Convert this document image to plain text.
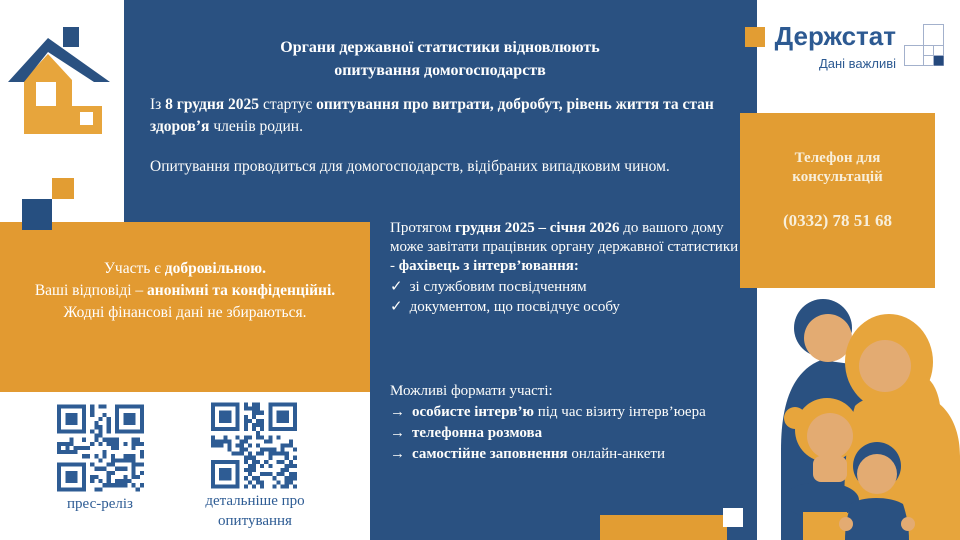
Участь є добровільною.
Ваші відповіді – анонімні та конфіденційні.
Жодні фінансові дані не збираються.
Органи державної статистики відновлюють
опитування домогосподарств
Із 8 грудня 2025 стартує опитування про витрати, добробут, рівень життя та стан здоров’я членів родин.
Опитування проводиться для домогосподарств, відібраних випадковим чином.
Протягом грудня 2025 – січня 2026 до вашого дому може завітати працівник органу державної статистики - фахівець з інтерв’ювання:
✓ зі службовим посвідченням
✓ документом, що посвідчує особу
Можливі формати участі:
→ особисте інтерв’ю під час візиту інтерв’юера
→ телефонна розмова
→ самостійне заповнення онлайн-анкети
Держстат
Дані важливі
Телефон для
консультацій
(0332) 78 51 68
прес-реліз	детальніше про
опитування
